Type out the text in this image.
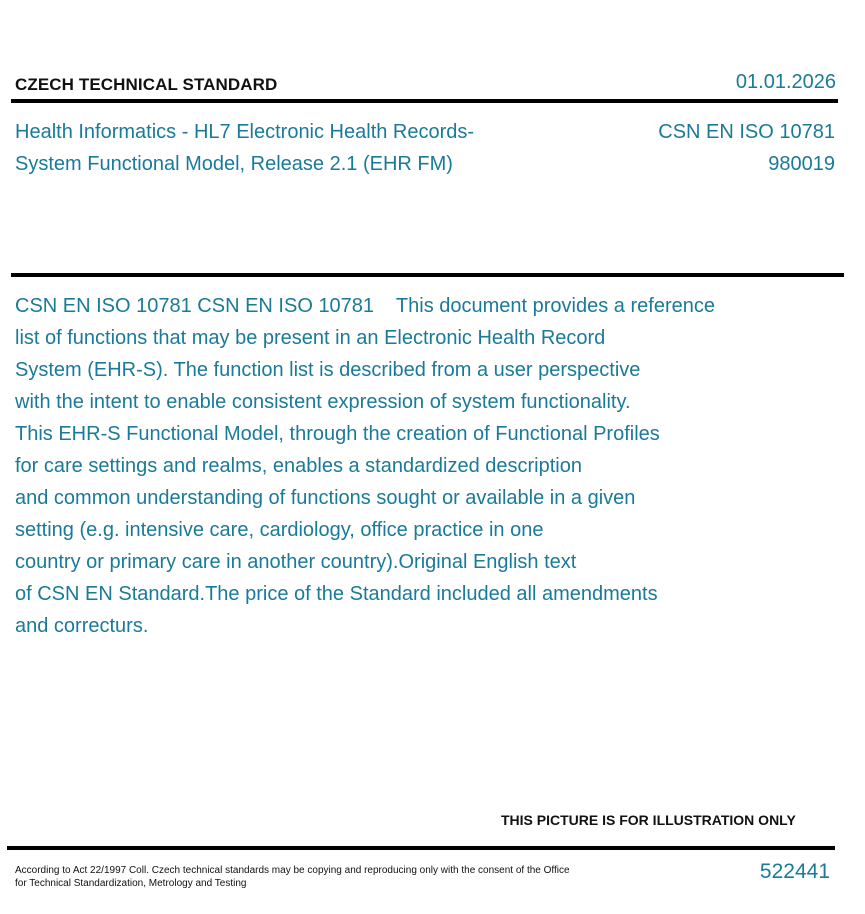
CZECH TECHNICAL STANDARD	01.01.2026
Health Informatics - HL7 Electronic Health Records-
System Functional Model, Release 2.1 (EHR FM)
CSN EN ISO 10781
980019
CSN EN ISO 10781 CSN EN ISO 10781    This document provides a reference
list of functions that may be present in an Electronic Health Record
System (EHR-S). The function list is described from a user perspective
with the intent to enable consistent expression of system functionality.
This EHR-S Functional Model, through the creation of Functional Profiles
for care settings and realms, enables a standardized description
and common understanding of functions sought or available in a given
setting (e.g. intensive care, cardiology, office practice in one
country or primary care in another country).Original English text
of CSN EN Standard.The price of the Standard included all amendments
and correcturs.
THIS PICTURE IS FOR ILLUSTRATION ONLY
According to Act 22/1997 Coll. Czech technical standards may be copying and reproducing only with the consent of the Office
for Technical Standardization, Metrology and Testing
522441
